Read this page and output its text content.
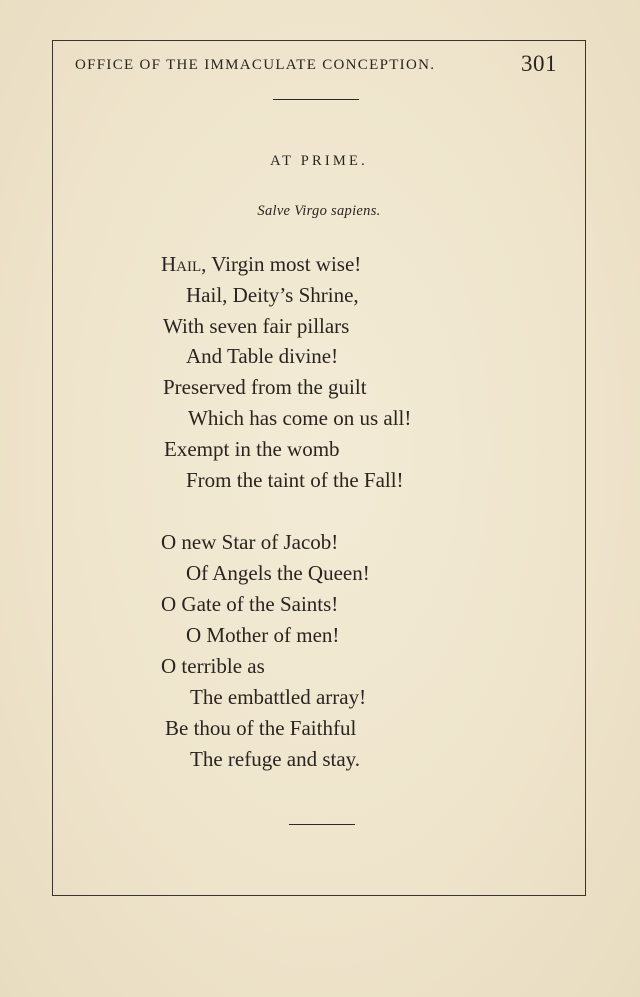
OFFICE OF THE IMMACULATE CONCEPTION.	301
AT PRIME.
Salve Virgo sapiens.
Hail, Virgin most wise!
Hail, Deity’s Shrine,
With seven fair pillars
And Table divine!
Preserved from the guilt
Which has come on us all!
Exempt in the womb
From the taint of the Fall!
O new Star of Jacob!
Of Angels the Queen!
O Gate of the Saints!
O Mother of men!
O terrible as
The embattled array!
Be thou of the Faithful
The refuge and stay.
